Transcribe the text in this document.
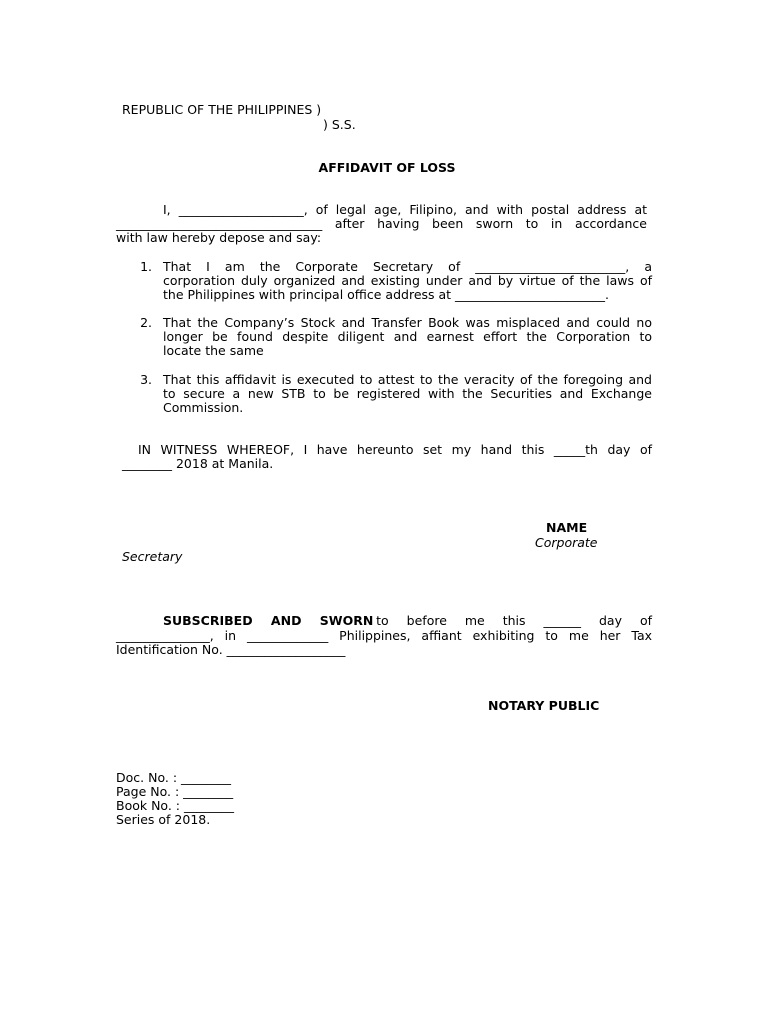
REPUBLIC OF THE PHILIPPINES )
) S.S.
AFFIDAVIT OF LOSS
I, ____________________, of legal age, Filipino, and with postal address at
_________________________________ after having been sworn to in accordance
with law hereby depose and say:
1. That I am the Corporate Secretary of ________________________, a
corporation duly organized and existing under and by virtue of the laws of
the Philippines with principal office address at ________________________.
2. That the Company’s Stock and Transfer Book was misplaced and could no
longer be found despite diligent and earnest effort the Corporation to
locate the same
3. That this affidavit is executed to attest to the veracity of the foregoing and
to secure a new STB to be registered with the Securities and Exchange
Commission.
IN WITNESS WHEREOF, I have hereunto set my hand this _____th day of
________ 2018 at Manila.
NAME
Corporate
Secretary
SUBSCRIBED AND SWORN to before me this ______ day of
_______________, in _____________ Philippines, affiant exhibiting to me her Tax
Identification No. ___________________
NOTARY PUBLIC
Doc. No. : ________
Page No. : ________
Book No. : ________
Series of 2018.
